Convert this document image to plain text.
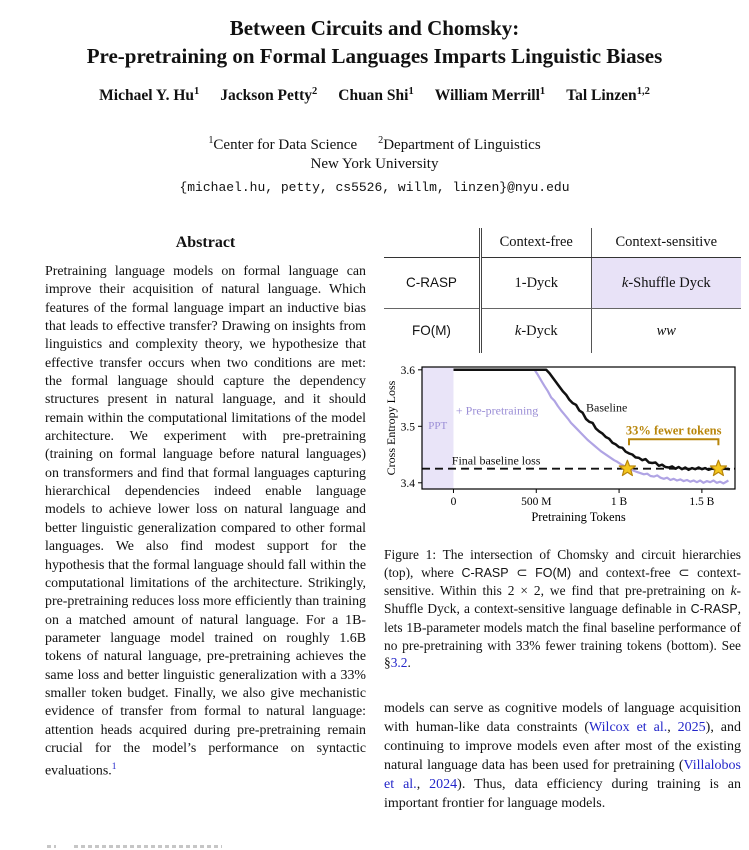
Between Circuits and Chomsky:
Pre-pretraining on Formal Languages Imparts Linguistic Biases
Michael Y. Hu$^1$ Jackson Petty$^2$ Chuan Shi$^1$ William Merrill$^1$ Tal Linzen$^{1,2}$
$^1$Center for Data Science $^2$Department of Linguistics
New York University
{michael.hu, petty, cs5526, willm, linzen}@nyu.edu
Abstract

Pretraining language models on formal language can improve their acquisition of natural language. Which features of the formal language impart an inductive bias that leads to effective transfer? Drawing on insights from linguistics and complexity theory, we hypothesize that effective transfer occurs when two conditions are met: the formal language should capture the dependency structures present in natural language, and it should remain within the computational limitations of the model architecture. We experiment with pre-pretraining (training on formal language before natural languages) on transformers and find that formal languages capturing hierarchical dependencies indeed enable language models to achieve lower loss on natural language and better linguistic generalization compared to other formal languages. We also find modest support for the hypothesis that the formal language should fall within the computational limitations of the architecture. Strikingly, pre-pretraining reduces loss more efficiently than training on a matched amount of natural language. For a 1B-parameter language model trained on roughly 1.6B tokens of natural language, pre-pretraining achieves the same loss and better linguistic generalization with a 33% smaller token budget. Finally, we also give mechanistic evidence of transfer from formal to natural language: attention heads acquired during pre-pretraining remain crucial for the model’s performance on syntactic evaluations.$^1$

	Context-free	Context-sensitive
C-RASP	1-Dyck	k-Shuffle Dyck
FO(M)	k-Dyck	ww
33% fewer tokens
PPT
+ Pre-pretraining	Baseline
Final baseline loss
3.4
3.5
3.6
0	500 M	1 B	1.5 B
Pretraining Tokens
Cross Entropy Loss

Figure 1: The intersection of Chomsky and circuit hierarchies (top), where C-RASP ⊂ FO(M) and context-free ⊂ context-sensitive. Within this 2 × 2, we find that pre-pretraining on k-Shuffle Dyck, a context-sensitive language definable in C-RASP, lets 1B-parameter models match the final baseline performance of no pre-pretraining with 33% fewer training tokens (bottom). See §3.2.

models can serve as cognitive models of language acquisition with human-like data constraints (Wilcox et al., 2025), and continuing to improve models even after most of the existing natural language data has been used for pretraining (Villalobos et al., 2024). Thus, data efficiency during training is an important frontier for language models.
